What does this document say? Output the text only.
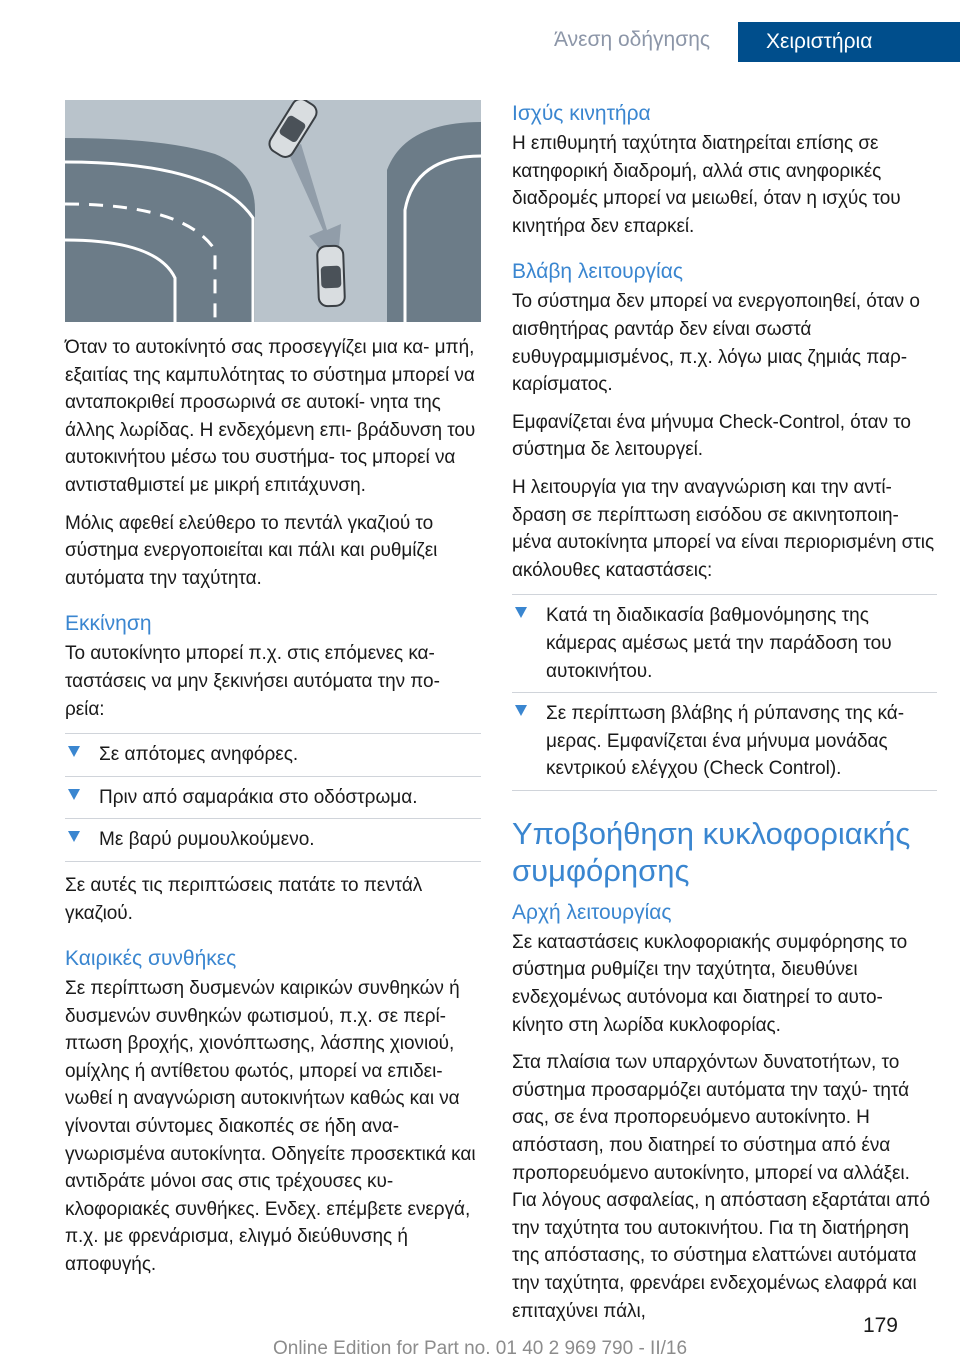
Άνεση οδήγησης	Χειριστήρια

Όταν το αυτοκίνητό σας προσεγγίζει μια κα‐ μπή, εξαιτίας της καμπυλότητας το σύστημα μπορεί να ανταποκριθεί προσωρινά σε αυτοκί‐ νητα της άλλης λωρίδας. Η ενδεχόμενη επι‐ βράδυνση του αυτοκινήτου μέσω του συστήμα‐ τος μπορεί να αντισταθμιστεί με μικρή επιτάχυνση.

Μόλις αφεθεί ελεύθερο το πεντάλ γκαζιού το σύστημα ενεργοποιείται και πάλι και ρυθμίζει αυτόματα την ταχύτητα.

Εκκίνηση

Το αυτοκίνητο μπορεί π.χ. στις επόμενες κα‐ ταστάσεις να μην ξεκινήσει αυτόματα την πο‐ ρεία:

Σε απότομες ανηφόρες.
Πριν από σαμαράκια στο οδόστρωμα.
Με βαρύ ρυμουλκούμενο.

Σε αυτές τις περιπτώσεις πατάτε το πεντάλ γκαζιού.

Καιρικές συνθήκες

Σε περίπτωση δυσμενών καιρικών συνθηκών ή δυσμενών συνθηκών φωτισμού, π.χ. σε περί‐ πτωση βροχής, χιονόπτωσης, λάσπης χιονιού, ομίχλης ή αντίθετου φωτός, μπορεί να επιδει‐ νωθεί η αναγνώριση αυτοκινήτων καθώς και να γίνονται σύντομες διακοπές σε ήδη ανα‐ γνωρισμένα αυτοκίνητα. Οδηγείτε προσεκτικά και αντιδράτε μόνοι σας στις τρέχουσες κυ‐ κλοφοριακές συνθήκες. Ενδεχ. επέμβετε ενεργά, π.χ. με φρενάρισμα, ελιγμό διεύθυνσης ή αποφυγής.

Ισχύς κινητήρα

Η επιθυμητή ταχύτητα διατηρείται επίσης σε κατηφορική διαδρομή, αλλά στις ανηφορικές διαδρομές μπορεί να μειωθεί, όταν η ισχύς του κινητήρα δεν επαρκεί.

Βλάβη λειτουργίας

Το σύστημα δεν μπορεί να ενεργοποιηθεί, όταν ο αισθητήρας ραντάρ δεν είναι σωστά ευθυγραμμισμένος, π.χ. λόγω μιας ζημιάς παρ‐ καρίσματος.

Εμφανίζεται ένα μήνυμα Check-Control, όταν το σύστημα δε λειτουργεί.

Η λειτουργία για την αναγνώριση και την αντί‐ δραση σε περίπτωση εισόδου σε ακινητοποιη‐ μένα αυτοκίνητα μπορεί να είναι περιορισμένη στις ακόλουθες καταστάσεις:

Κατά τη διαδικασία βαθμονόμησης της κάμερας αμέσως μετά την παράδοση του αυτοκινήτου.
Σε περίπτωση βλάβης ή ρύπανσης της κά‐ μερας. Εμφανίζεται ένα μήνυμα μονάδας κεντρικού ελέγχου (Check Control).
Υποβοήθηση κυκλοφοριακής συμφόρησης
Αρχή λειτουργίας

Σε καταστάσεις κυκλοφοριακής συμφόρησης το σύστημα ρυθμίζει την ταχύτητα, διευθύνει ενδεχομένως αυτόνομα και διατηρεί το αυτο‐ κίνητο στη λωρίδα κυκλοφορίας.

Στα πλαίσια των υπαρχόντων δυνατοτήτων, το σύστημα προσαρμόζει αυτόματα την ταχύ‐ τητά σας, σε ένα προπορευόμενο αυτοκίνητο. Η απόσταση, που διατηρεί το σύστημα από ένα προπορευόμενο αυτοκίνητο, μπορεί να αλλάξει. Για λόγους ασφαλείας, η απόσταση εξαρτάται από την ταχύτητα του αυτοκινήτου. Για τη διατήρηση της απόστασης, το σύστημα ελαττώνει αυτόματα την ταχύτητα, φρενάρει ενδεχομένως ελαφρά και επιταχύνει πάλι,

179
Online Edition for Part no. 01 40 2 969 790 - II/16
